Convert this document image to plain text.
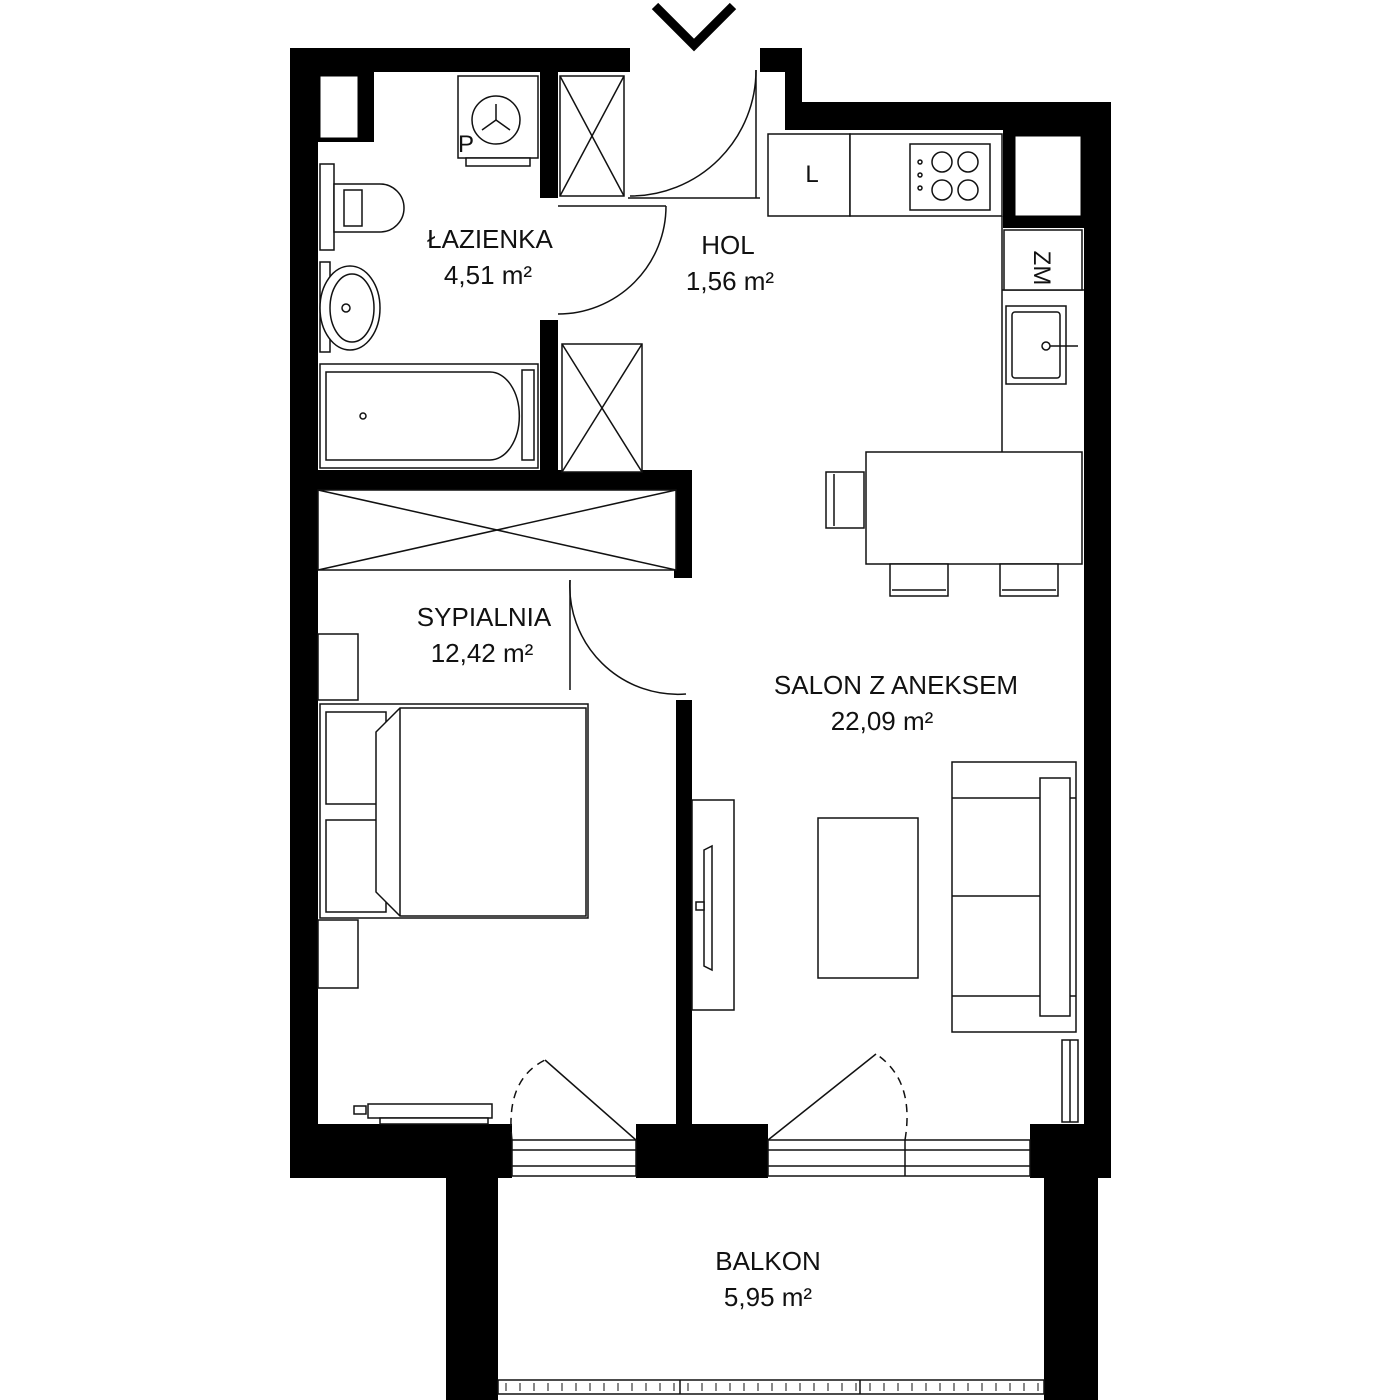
P
L
ZM
ŁAZIENKA
4,51 m²
HOL
1,56 m²
SYPIALNIA
12,42 m²
SALON Z ANEKSEM
22,09 m²
BALKON
5,95 m²
